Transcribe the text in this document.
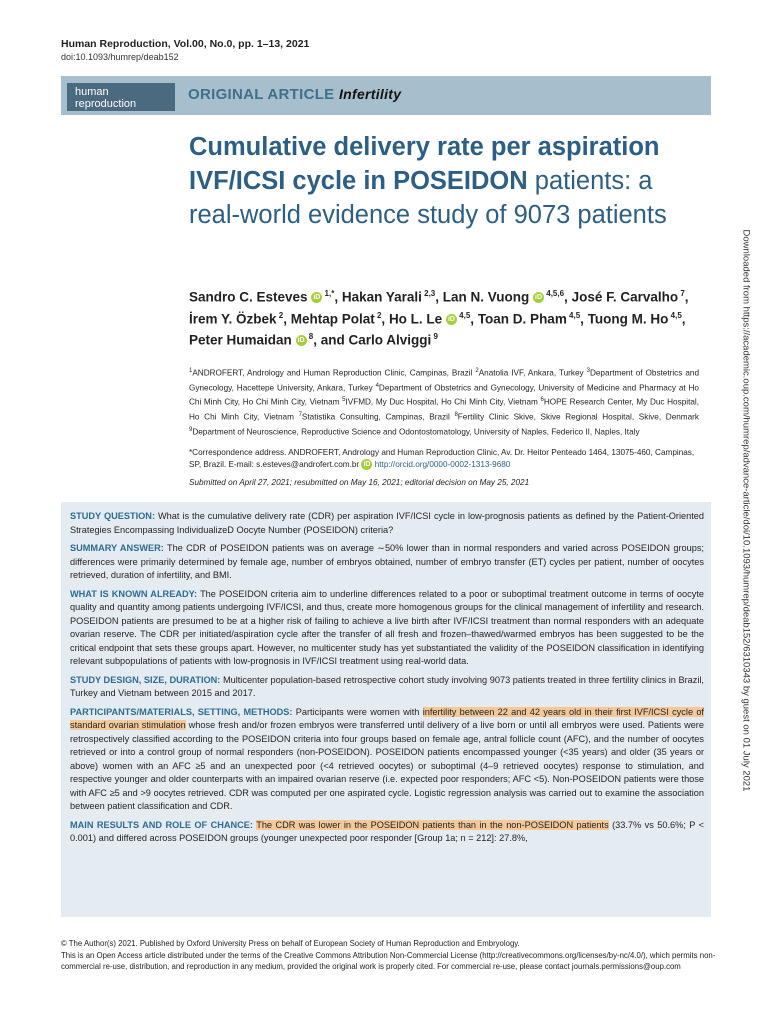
Human Reproduction, Vol.00, No.0, pp. 1–13, 2021
doi:10.1093/humrep/deab152
human
reproduction
ORIGINAL ARTICLE Infertility
Cumulative delivery rate per aspiration IVF/ICSI cycle in POSEIDON patients: a real-world evidence study of 9073 patients
Sandro C. Esteves iD $^{1,*}$, Hakan Yarali $^{2,3}$, Lan N. Vuong iD $^{4,5,6}$, José F. Carvalho $^7$, İrem Y. Özbek $^2$, Mehtap Polat $^2$, Ho L. Le iD $^{4,5}$, Toan D. Pham $^{4,5}$, Tuong M. Ho $^{4,5}$, Peter Humaidan iD $^8$, and Carlo Alviggi $^9$
$^1$ANDROFERT, Andrology and Human Reproduction Clinic, Campinas, Brazil $^2$Anatolia IVF, Ankara, Turkey $^3$Department of Obstetrics and Gynecology, Hacettepe University, Ankara, Turkey $^4$Department of Obstetrics and Gynecology, University of Medicine and Pharmacy at Ho Chi Minh City, Ho Chi Minh City, Vietnam $^5$IVFMD, My Duc Hospital, Ho Chi Minh City, Vietnam $^6$HOPE Research Center, My Duc Hospital, Ho Chi Minh City, Vietnam $^7$Statistika Consulting, Campinas, Brazil $^8$Fertility Clinic Skive, Skive Regional Hospital, Skive, Denmark $^9$Department of Neuroscience, Reproductive Science and Odontostomatology, University of Naples, Federico II, Naples, Italy
*Correspondence address. ANDROFERT, Andrology and Human Reproduction Clinic, Av. Dr. Heitor Penteado 1464, 13075-460, Campinas, SP, Brazil. E-mail: s.esteves@androfert.com.br iD http://orcid.org/0000-0002-1313-9680
Submitted on April 27, 2021; resubmitted on May 16, 2021; editorial decision on May 25, 2021	Downloaded from https://academic.oup.com/humrep/advance-article/doi/10.1093/humrep/deab152/6310343 by guest on 01 July 2021

STUDY QUESTION: What is the cumulative delivery rate (CDR) per aspiration IVF/ICSI cycle in low-prognosis patients as defined by the Patient-Oriented Strategies Encompassing IndividualizeD Oocyte Number (POSEIDON) criteria?

SUMMARY ANSWER: The CDR of POSEIDON patients was on average ∼50% lower than in normal responders and varied across POSEIDON groups; differences were primarily determined by female age, number of embryos obtained, number of embryo transfer (ET) cycles per patient, number of oocytes retrieved, duration of infertility, and BMI.

WHAT IS KNOWN ALREADY: The POSEIDON criteria aim to underline differences related to a poor or suboptimal treatment outcome in terms of oocyte quality and quantity among patients undergoing IVF/ICSI, and thus, create more homogenous groups for the clinical management of infertility and research. POSEIDON patients are presumed to be at a higher risk of failing to achieve a live birth after IVF/ICSI treatment than normal responders with an adequate ovarian reserve. The CDR per initiated/aspiration cycle after the transfer of all fresh and frozen–thawed/warmed embryos has been suggested to be the critical endpoint that sets these groups apart. However, no multicenter study has yet substantiated the validity of the POSEIDON classification in identifying relevant subpopulations of patients with low-prognosis in IVF/ICSI treatment using real-world data.

STUDY DESIGN, SIZE, DURATION: Multicenter population-based retrospective cohort study involving 9073 patients treated in three fertility clinics in Brazil, Turkey and Vietnam between 2015 and 2017.

PARTICIPANTS/MATERIALS, SETTING, METHODS: Participants were women with infertility between 22 and 42 years old in their first IVF/ICSI cycle of standard ovarian stimulation whose fresh and/or frozen embryos were transferred until delivery of a live born or until all embryos were used. Patients were retrospectively classified according to the POSEIDON criteria into four groups based on female age, antral follicle count (AFC), and the number of oocytes retrieved or into a control group of normal responders (non-POSEIDON). POSEIDON patients encompassed younger (<35 years) and older (35 years or above) women with an AFC ≥5 and an unexpected poor (<4 retrieved oocytes) or suboptimal (4–9 retrieved oocytes) response to stimulation, and respective younger and older counterparts with an impaired ovarian reserve (i.e. expected poor responders; AFC <5). Non-POSEIDON patients were those with AFC ≥5 and >9 oocytes retrieved. CDR was computed per one aspirated cycle. Logistic regression analysis was carried out to examine the association between patient classification and CDR.

MAIN RESULTS AND ROLE OF CHANCE: The CDR was lower in the POSEIDON patients than in the non-POSEIDON patients (33.7% vs 50.6%; P < 0.001) and differed across POSEIDON groups (younger unexpected poor responder [Group 1a; n = 212]: 27.8%,

© The Author(s) 2021. Published by Oxford University Press on behalf of European Society of Human Reproduction and Embryology.

This is an Open Access article distributed under the terms of the Creative Commons Attribution Non-Commercial License (http://creativecommons.org/licenses/by-nc/4.0/), which permits non-commercial re-use, distribution, and reproduction in any medium, provided the original work is properly cited. For commercial re-use, please contact journals.permissions@oup.com
